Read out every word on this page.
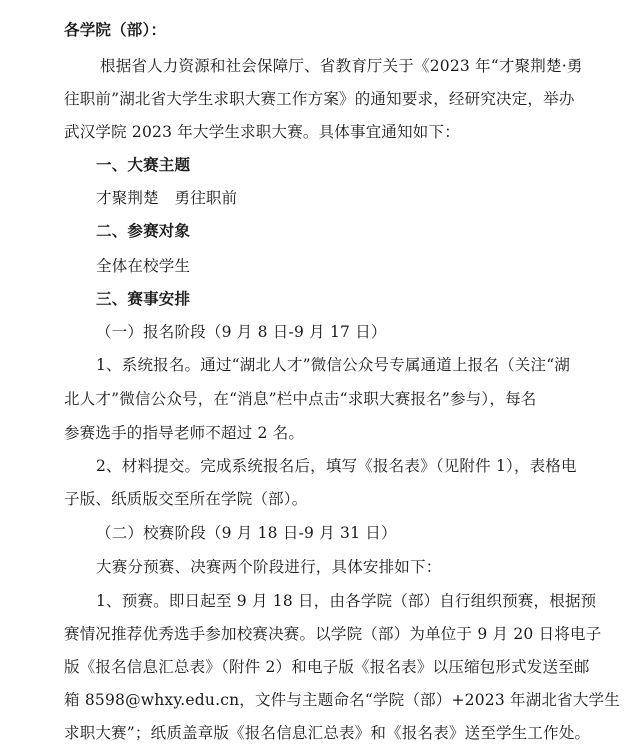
各学院（部）：
根据省人力资源和社会保障厅、省教育厅关于《2023 年“才聚荆楚·勇
往职前”湖北省大学生求职大赛工作方案》的通知要求，经研究决定，举办
武汉学院 2023 年大学生求职大赛。具体事宜通知如下：
一、大赛主题
才聚荆楚　勇往职前
二、参赛对象
全体在校学生
三、赛事安排
（一）报名阶段（9 月 8 日-9 月 17 日）
1、系统报名。通过“湖北人才”微信公众号专属通道上报名（关注“湖
北人才”微信公众号，在“消息”栏中点击“求职大赛报名”参与），每名
参赛选手的指导老师不超过 2 名。
2、材料提交。完成系统报名后，填写《报名表》（见附件 1），表格电
子版、纸质版交至所在学院（部）。
（二）校赛阶段（9 月 18 日-9 月 31 日）
大赛分预赛、决赛两个阶段进行，具体安排如下：
1、预赛。即日起至 9 月 18 日，由各学院（部）自行组织预赛，根据预
赛情况推荐优秀选手参加校赛决赛。以学院（部）为单位于 9 月 20 日将电子
版《报名信息汇总表》（附件 2）和电子版《报名表》以压缩包形式发送至邮
箱 8598@whxy.edu.cn，文件与主题命名“学院（部）+2023 年湖北省大学生
求职大赛”；纸质盖章版《报名信息汇总表》和《报名表》送至学生工作处。
